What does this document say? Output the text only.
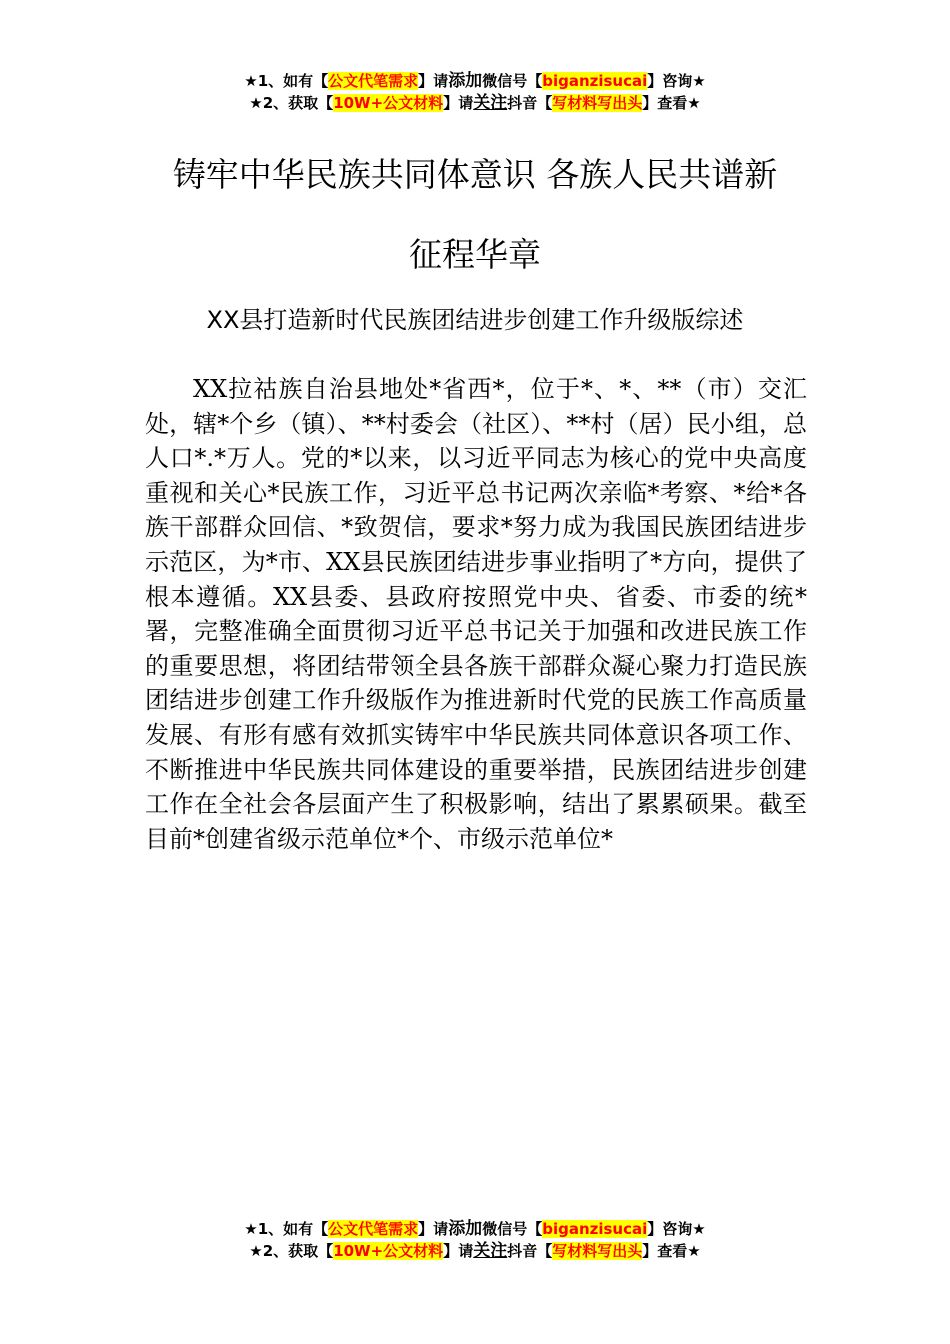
★1、如有【公文代笔需求】请添加微信号【biganzisucai】咨询★
★2、获取【10W+公文材料】请关注抖音【写材料写出头】查看★
铸牢中华民族共同体意识 各族人民共谱新
征程华章

XX县打造新时代民族团结进步创建工作升级版综述

XX拉祜族自治县地处*省西*，位于*、*、**（市）交汇处，辖*个乡（镇）、**村委会（社区）、**村（居）民小组，总人口*.*万人。党的*以来，以习近平同志为核心的党中央高度重视和关心*民族工作，习近平总书记两次亲临*考察、*给*各族干部群众回信、*致贺信，要求*努力成为我国民族团结进步示范区，为*市、XX县民族团结进步事业指明了*方向，提供了根本遵循。XX县委、县政府按照党中央、省委、市委的统*署，完整准确全面贯彻习近平总书记关于加强和改进民族工作的重要思想，将团结带领全县各族干部群众凝心聚力打造民族团结进步创建工作升级版作为推进新时代党的民族工作高质量发展、有形有感有效抓实铸牢中华民族共同体意识各项工作、不断推进中华民族共同体建设的重要举措，民族团结进步创建工作在全社会各层面产生了积极影响，结出了累累硕果。截至目前*创建省级示范单位*个、市级示范单位*

★1、如有【公文代笔需求】请添加微信号【biganzisucai】咨询★
★2、获取【10W+公文材料】请关注抖音【写材料写出头】查看★
